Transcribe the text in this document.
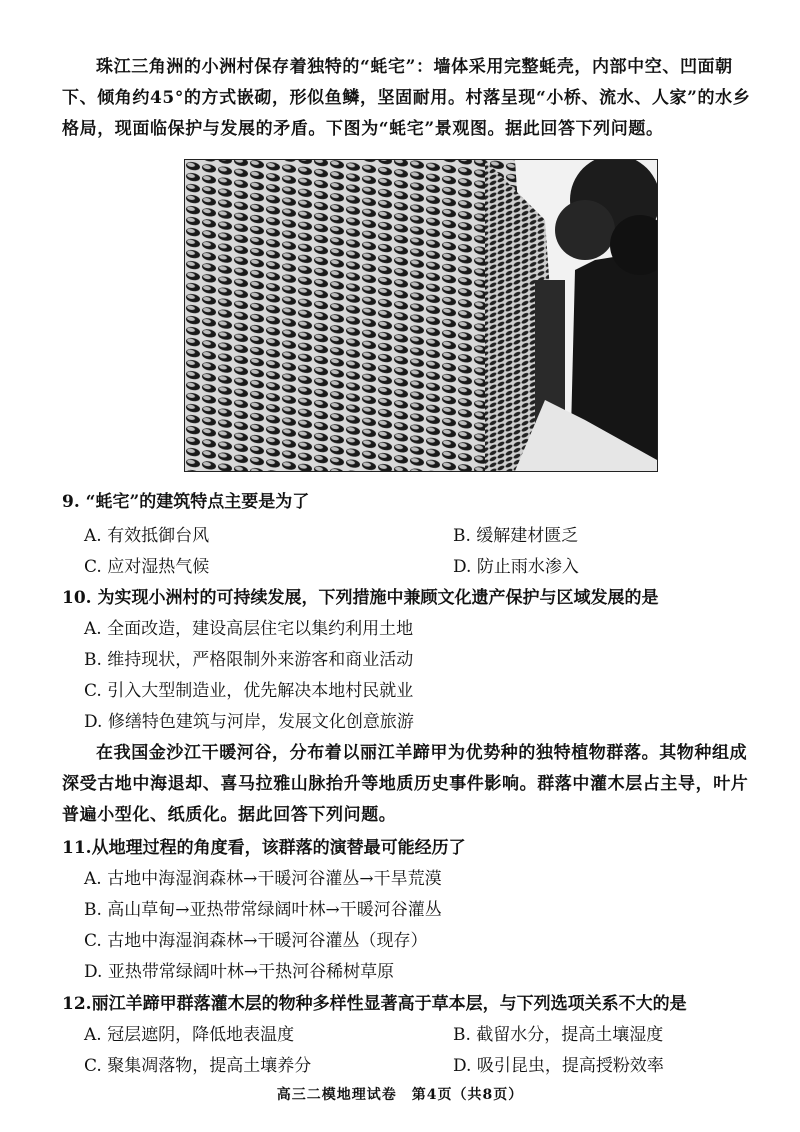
珠江三角洲的小洲村保存着独特的“蚝宅”：墙体采用完整蚝壳，内部中空、凹面朝下、倾角约45°的方式嵌砌，形似鱼鳞，坚固耐用。村落呈现“小桥、流水、人家”的水乡格局，现面临保护与发展的矛盾。下图为“蚝宅”景观图。据此回答下列问题。

9. “蚝宅”的建筑特点主要是为了
A. 有效抵御台风	B. 缓解建材匮乏
C. 应对湿热气候	D. 防止雨水渗入
10. 为实现小洲村的可持续发展，下列措施中兼顾文化遗产保护与区域发展的是
A. 全面改造，建设高层住宅以集约利用土地
B. 维持现状，严格限制外来游客和商业活动
C. 引入大型制造业，优先解决本地村民就业
D. 修缮特色建筑与河岸，发展文化创意旅游

在我国金沙江干暖河谷，分布着以丽江羊蹄甲为优势种的独特植物群落。其物种组成深受古地中海退却、喜马拉雅山脉抬升等地质历史事件影响。群落中灌木层占主导，叶片普遍小型化、纸质化。据此回答下列问题。

11.从地理过程的角度看，该群落的演替最可能经历了
A. 古地中海湿润森林→干暖河谷灌丛→干旱荒漠
B. 高山草甸→亚热带常绿阔叶林→干暖河谷灌丛
C. 古地中海湿润森林→干暖河谷灌丛（现存）
D. 亚热带常绿阔叶林→干热河谷稀树草原
12.丽江羊蹄甲群落灌木层的物种多样性显著高于草本层，与下列选项关系不大的是
A. 冠层遮阴，降低地表温度	B. 截留水分，提高土壤湿度
C. 聚集凋落物，提高土壤养分	D. 吸引昆虫，提高授粉效率
高三二模地理试卷　第4页（共8页）
